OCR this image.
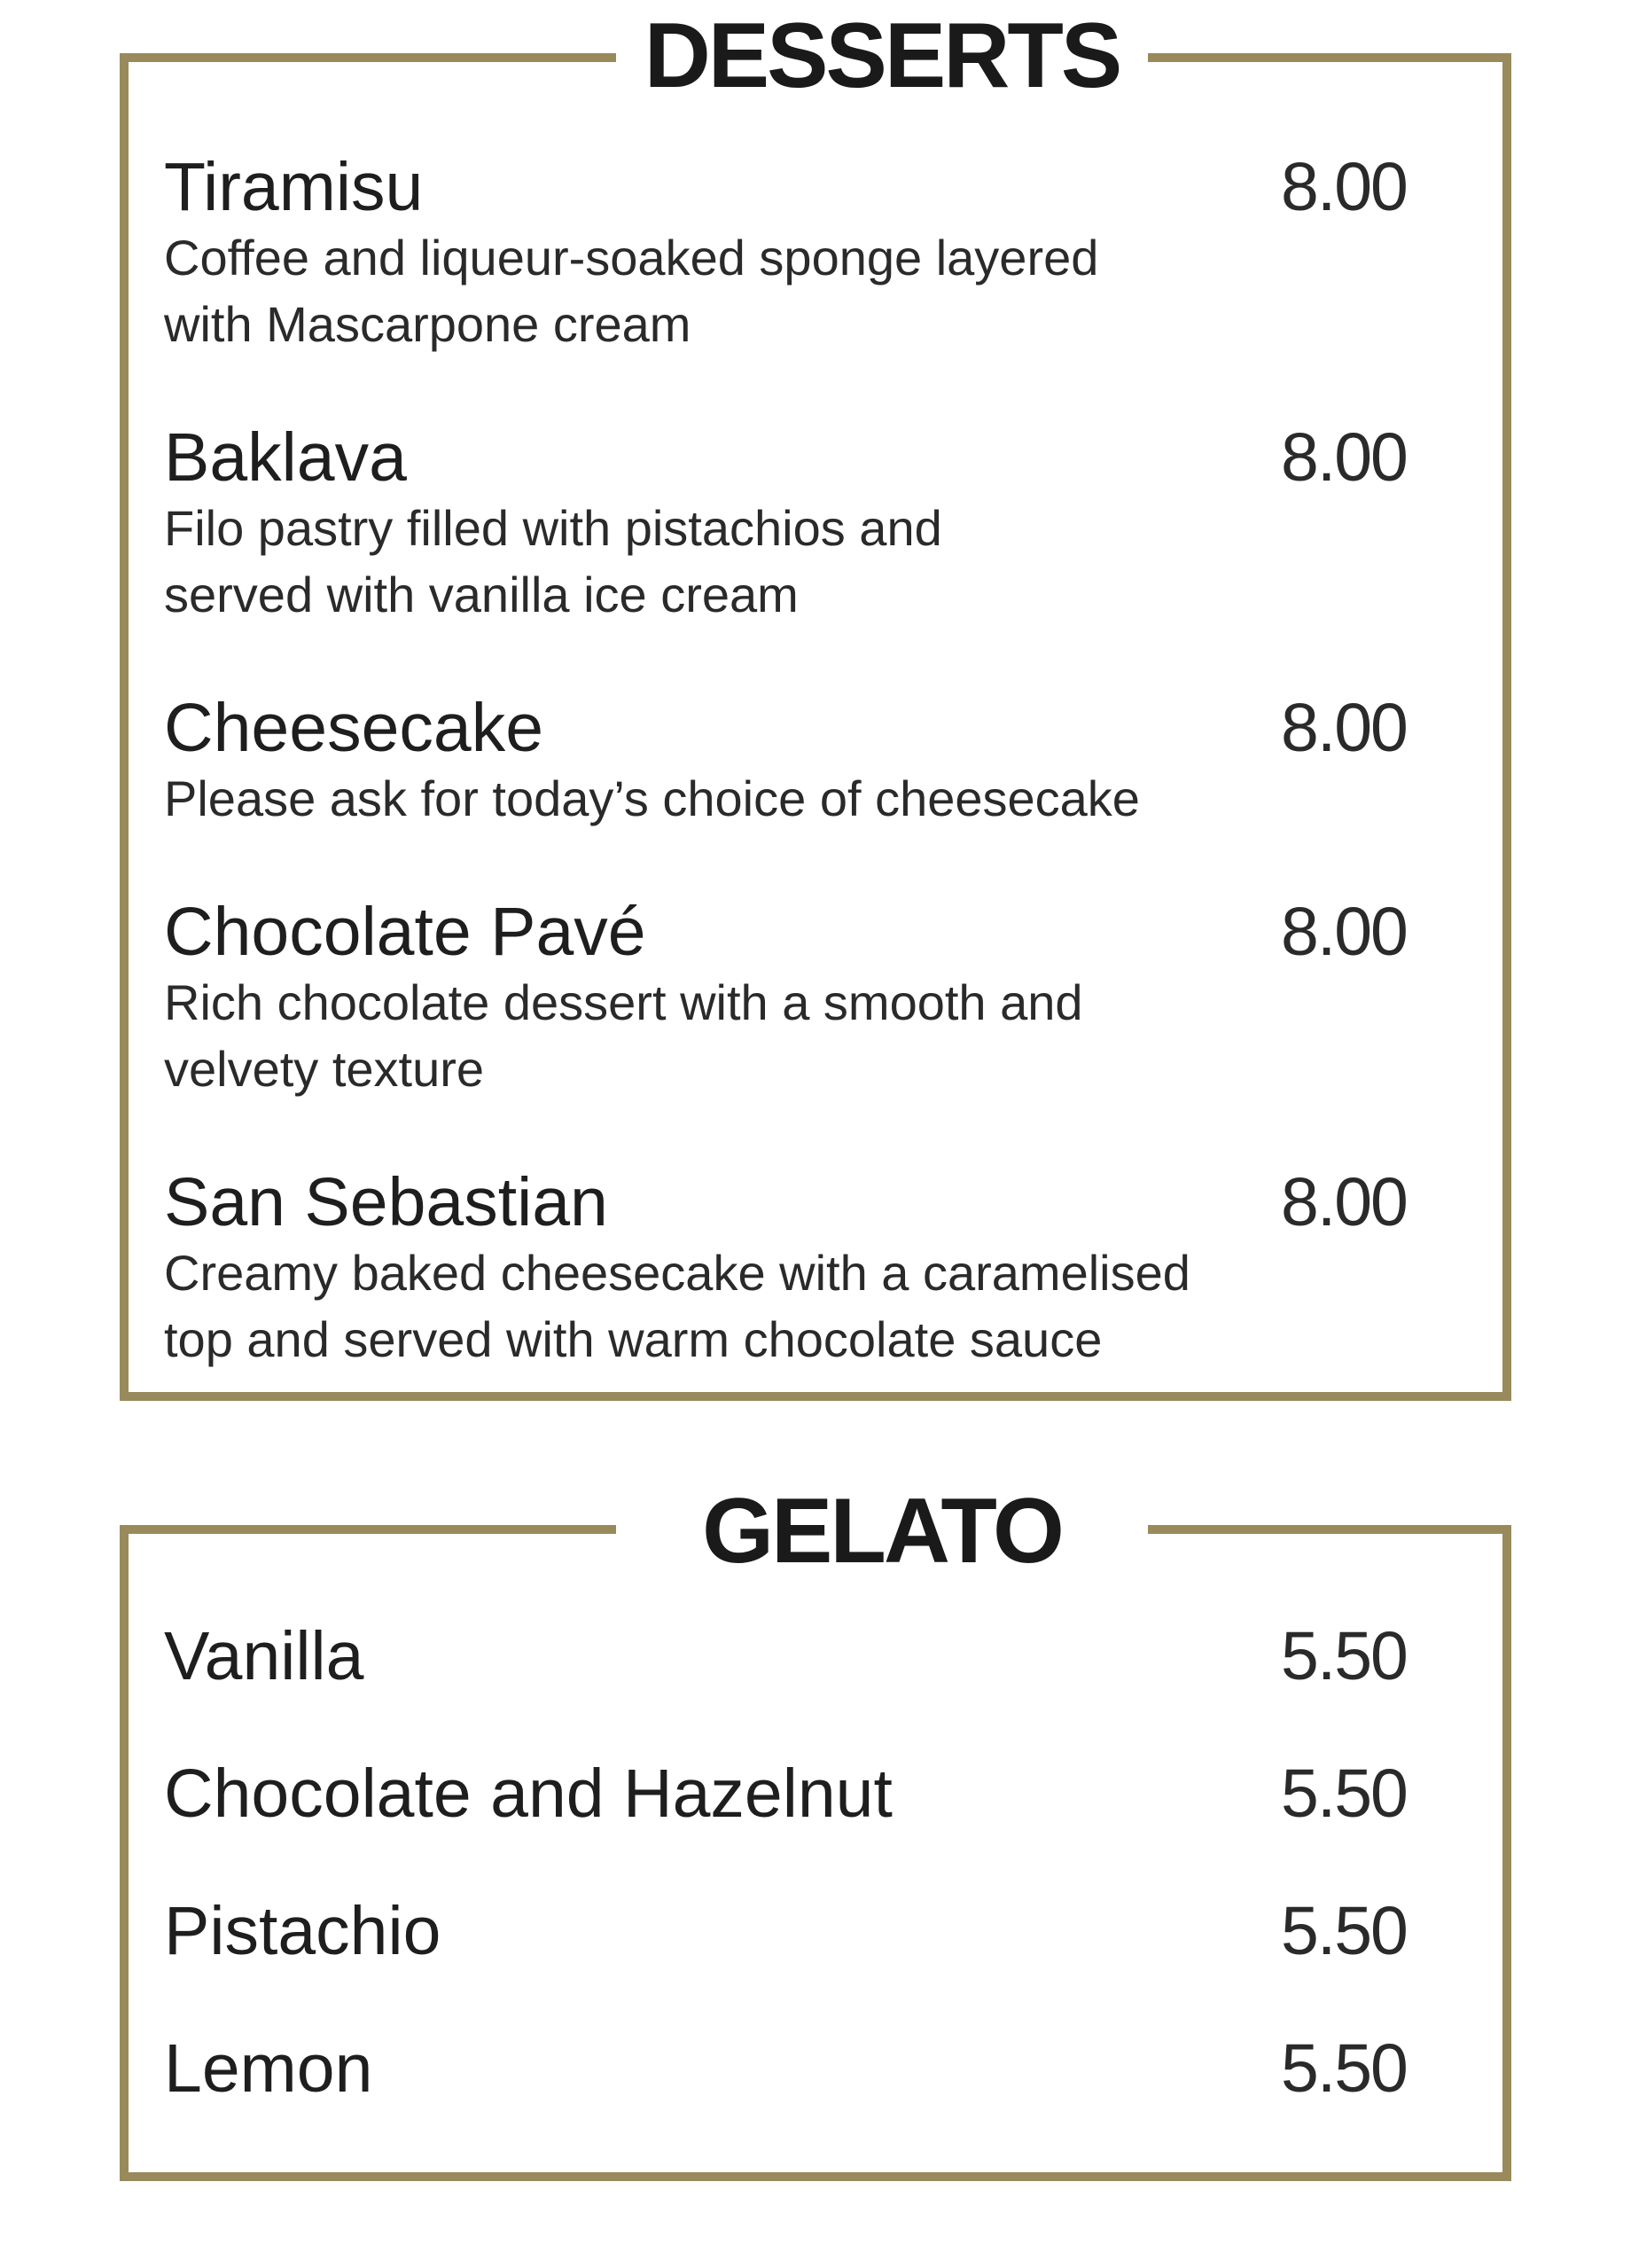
DESSERTS
Tiramisu	8.00
Coffee and liqueur-soaked sponge layered with Mascarpone cream
Baklava	8.00
Filo pastry filled with pistachios and served with vanilla ice cream
Cheesecake	8.00
Please ask for today’s choice of cheesecake
Chocolate Pavé	8.00
Rich chocolate dessert with a smooth and velvety texture
San Sebastian	8.00
Creamy baked cheesecake with a caramelised top and served with warm chocolate sauce
GELATO
Vanilla	5.50
Chocolate and Hazelnut	5.50
Pistachio	5.50
Lemon	5.50
